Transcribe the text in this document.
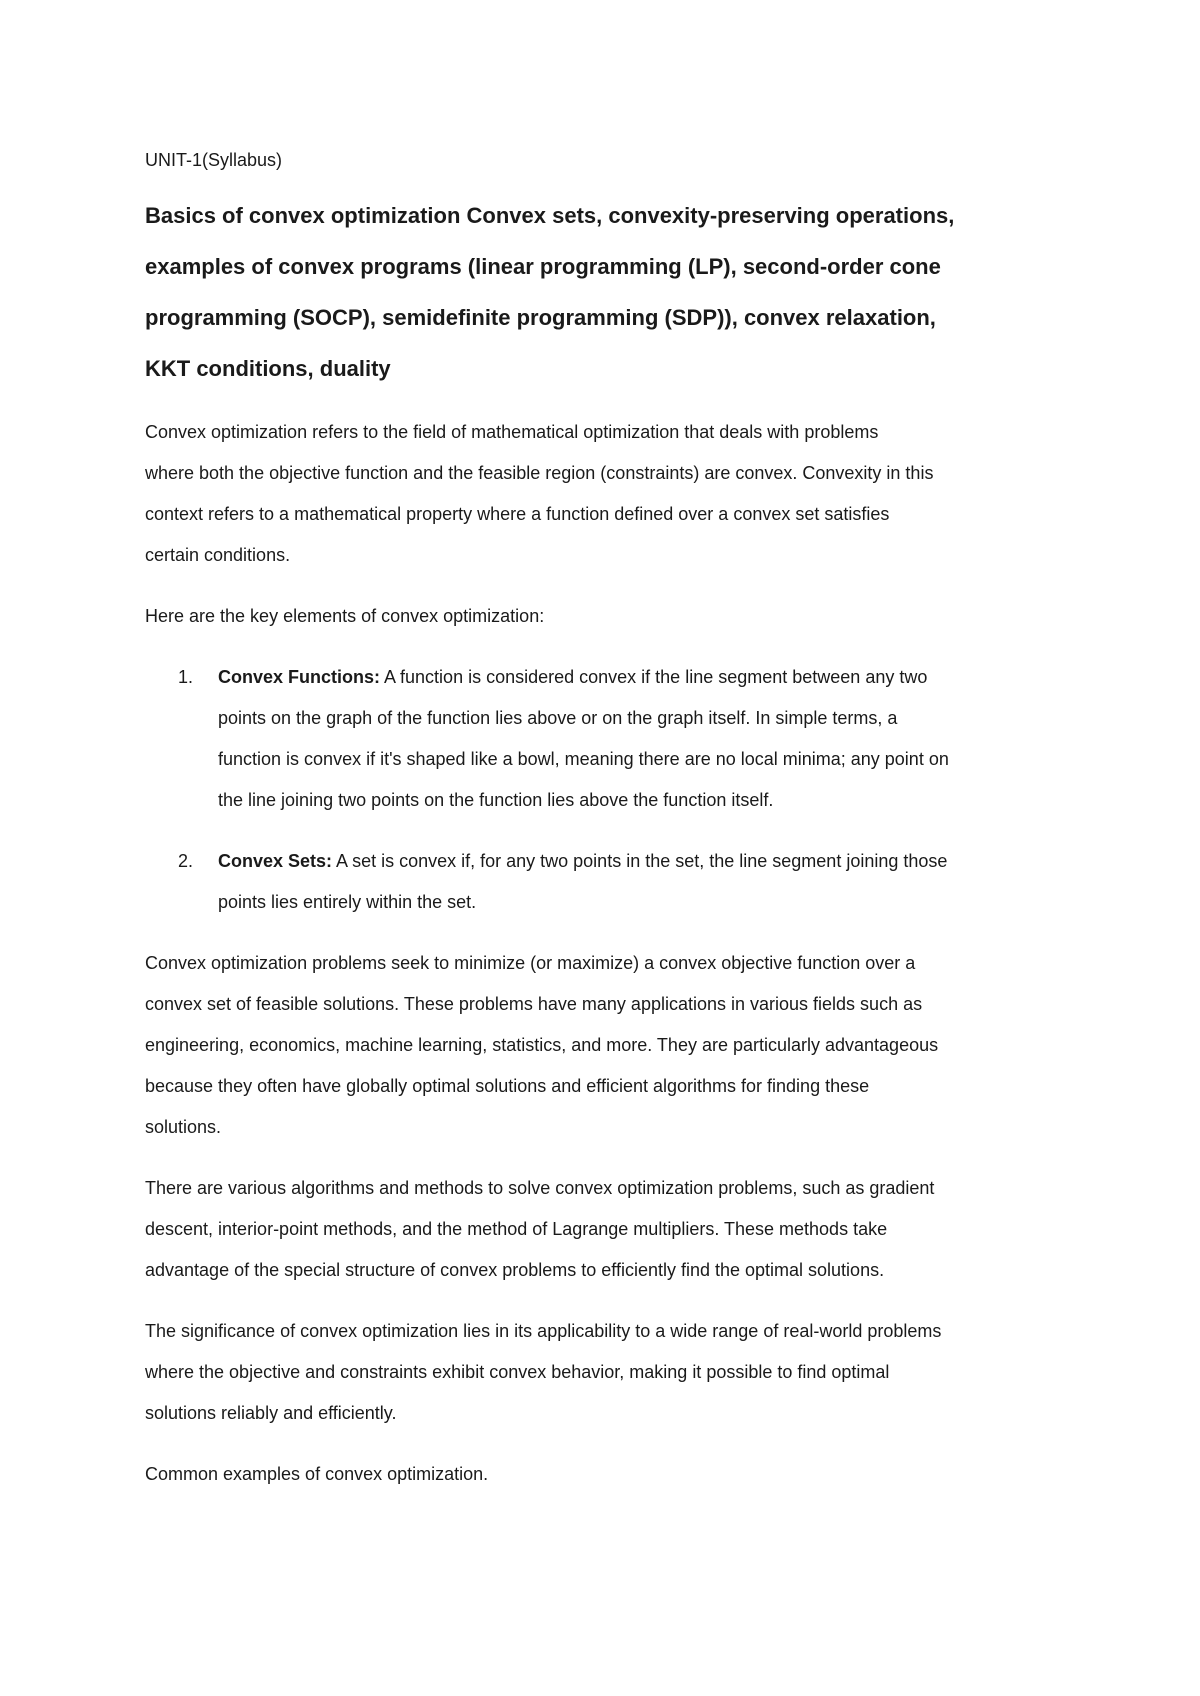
UNIT-1(Syllabus)
Basics of convex optimization Convex sets, convexity-preserving operations,
examples of convex programs (linear programming (LP), second-order cone
programming (SOCP), semidefinite programming (SDP)), convex relaxation,
KKT conditions, duality

Convex optimization refers to the field of mathematical optimization that deals with problems
where both the objective function and the feasible region (constraints) are convex. Convexity in this
context refers to a mathematical property where a function defined over a convex set satisfies
certain conditions.

Here are the key elements of convex optimization:

1. Convex Functions: A function is considered convex if the line segment between any two
points on the graph of the function lies above or on the graph itself. In simple terms, a
function is convex if it's shaped like a bowl, meaning there are no local minima; any point on
the line joining two points on the function lies above the function itself.
2. Convex Sets: A set is convex if, for any two points in the set, the line segment joining those
points lies entirely within the set.

Convex optimization problems seek to minimize (or maximize) a convex objective function over a
convex set of feasible solutions. These problems have many applications in various fields such as
engineering, economics, machine learning, statistics, and more. They are particularly advantageous
because they often have globally optimal solutions and efficient algorithms for finding these
solutions.

There are various algorithms and methods to solve convex optimization problems, such as gradient
descent, interior-point methods, and the method of Lagrange multipliers. These methods take
advantage of the special structure of convex problems to efficiently find the optimal solutions.

The significance of convex optimization lies in its applicability to a wide range of real-world problems
where the objective and constraints exhibit convex behavior, making it possible to find optimal
solutions reliably and efficiently.

Common examples of convex optimization.
